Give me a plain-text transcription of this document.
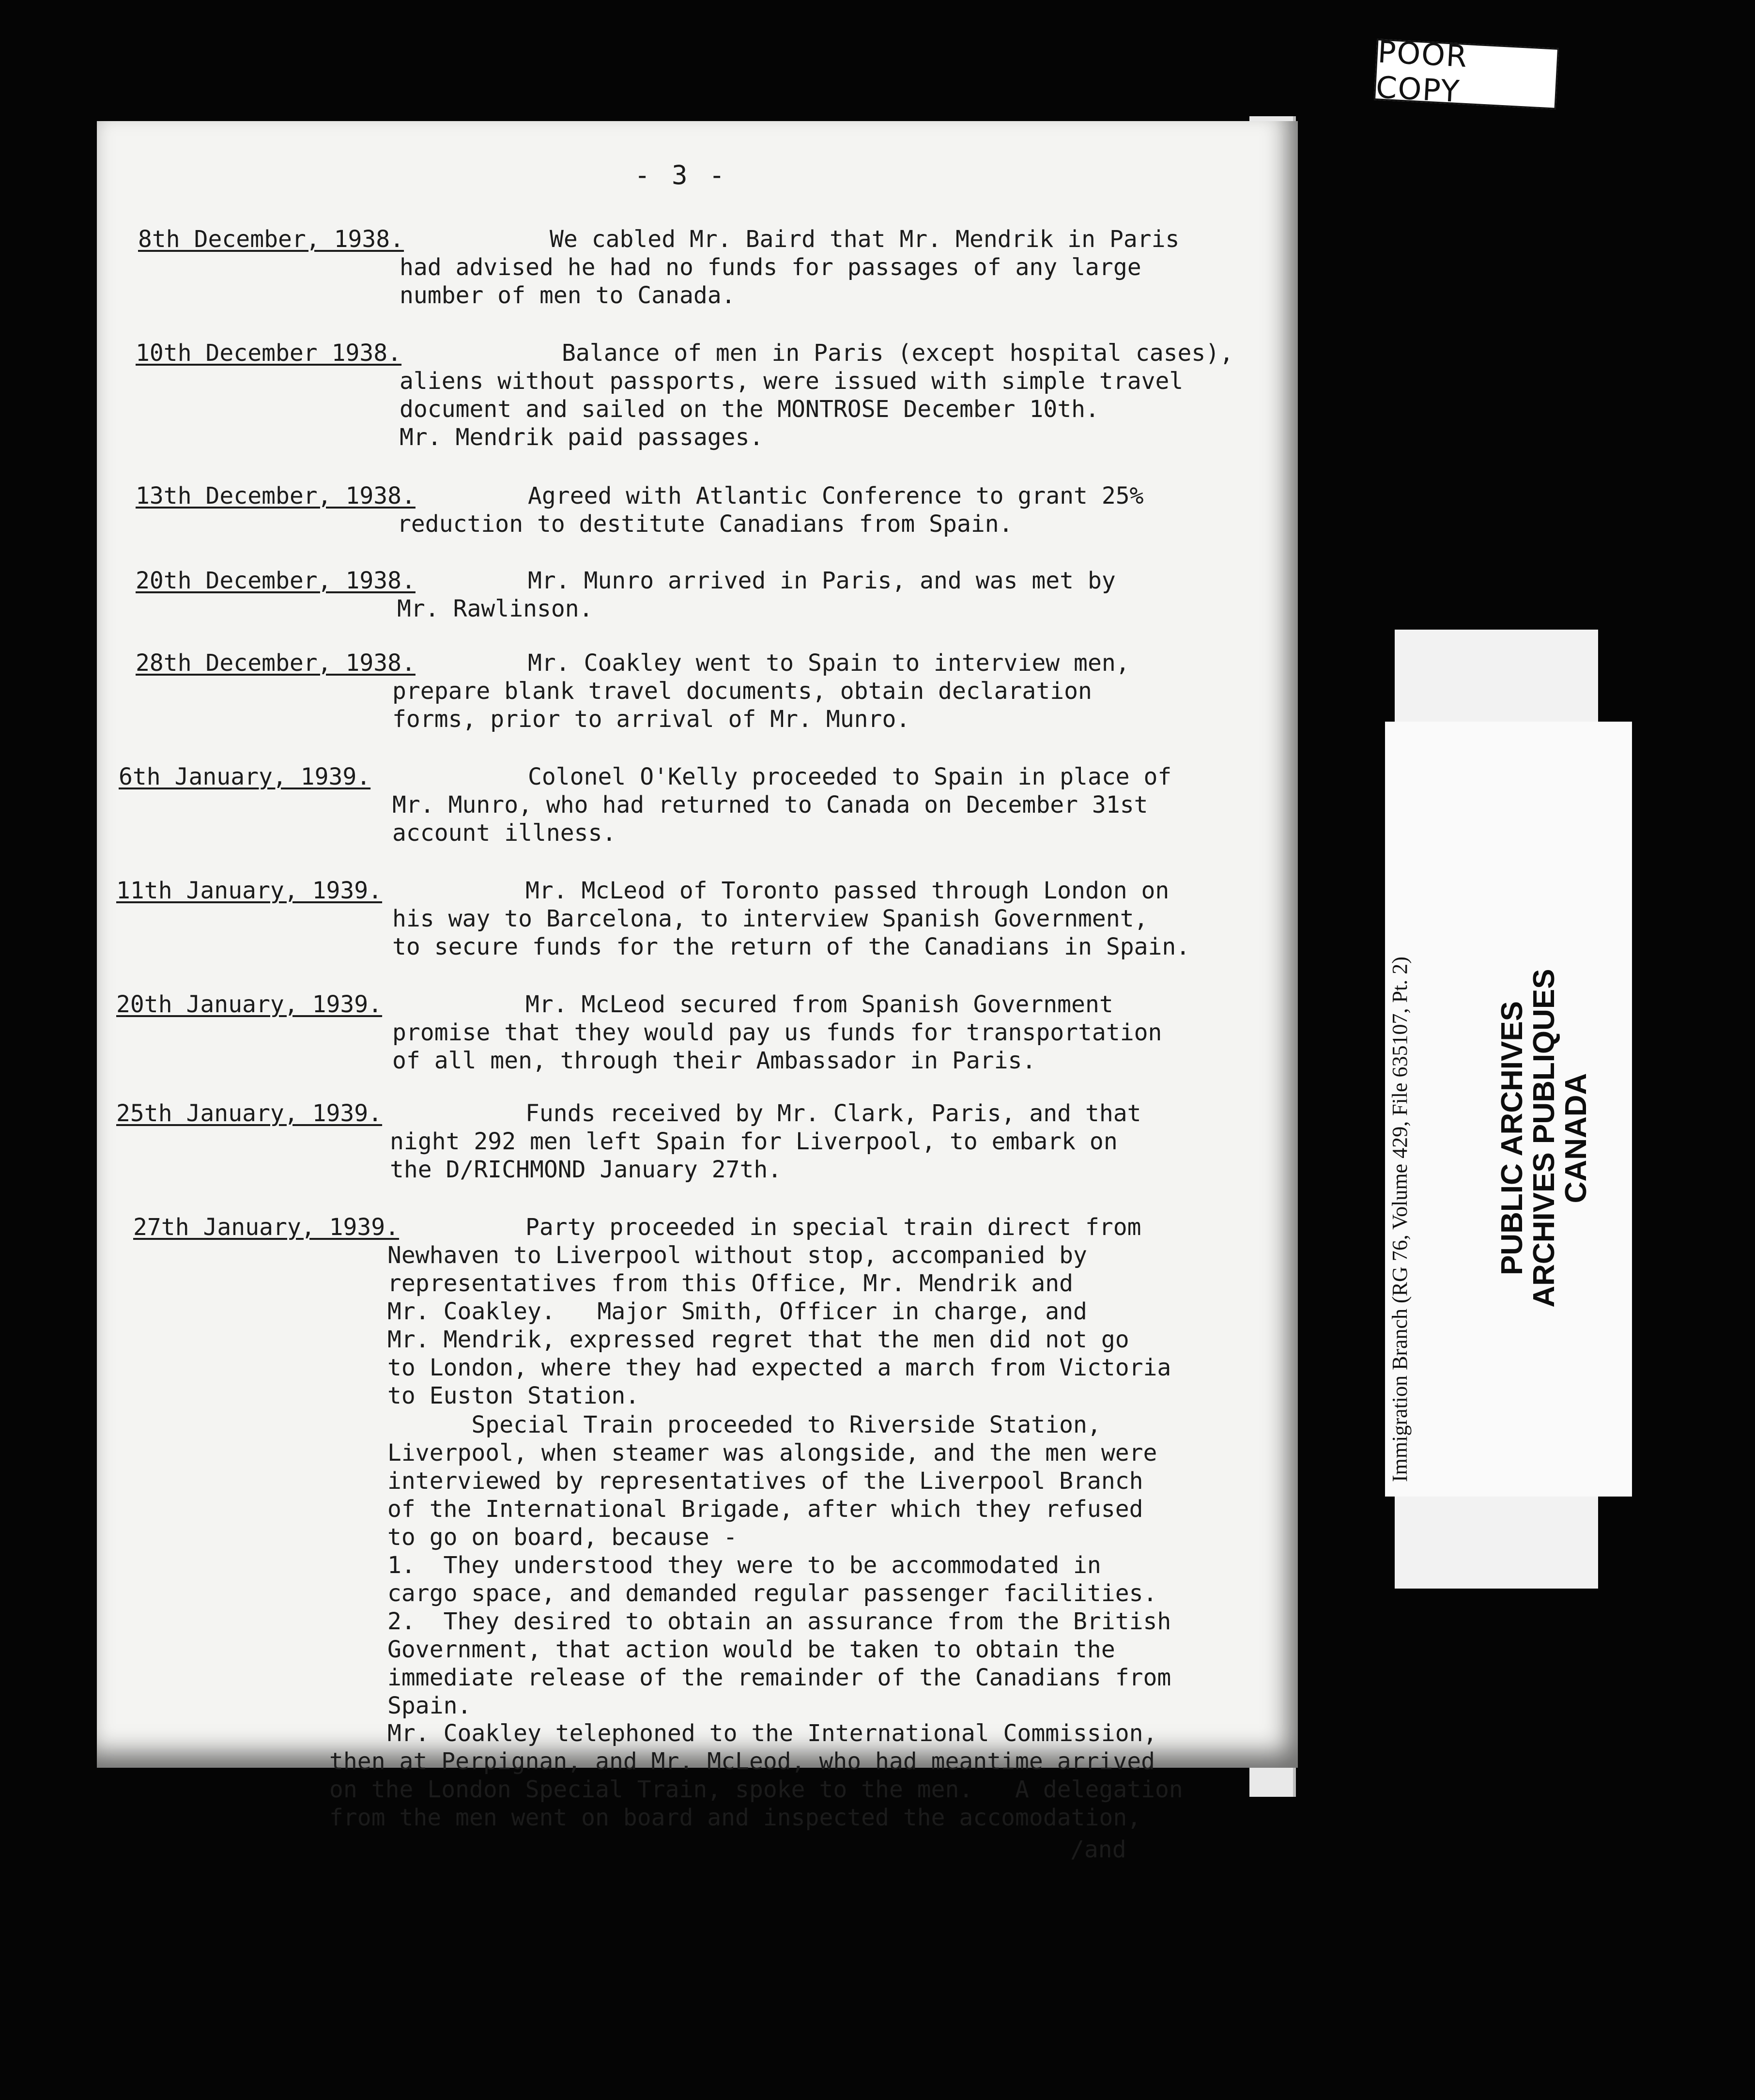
POOR COPY
- 3 -

8th December, 1938.

	We cabled Mr. Baird that Mr. Mendrik in Paris

had advised he had no funds for passages of any large

number of men to Canada.

10th December 1938.

	Balance of men in Paris (except hospital cases),

aliens without passports, were issued with simple travel

document and sailed on the MONTROSE December 10th.

Mr. Mendrik paid passages.

13th December, 1938.

	Agreed with Atlantic Conference to grant 25%

reduction to destitute Canadians from Spain.

20th December, 1938.

	Mr. Munro arrived in Paris, and was met by

Mr. Rawlinson.

28th December, 1938.

	Mr. Coakley went to Spain to interview men,

prepare blank travel documents, obtain declaration

forms, prior to arrival of Mr. Munro.

6th January, 1939.

	Colonel O'Kelly proceeded to Spain in place of

Mr. Munro, who had returned to Canada on December 31st

account illness.

11th January, 1939.

	Mr. McLeod of Toronto passed through London on

his way to Barcelona, to interview Spanish Government,

to secure funds for the return of the Canadians in Spain.

20th January, 1939.

	Mr. McLeod secured from Spanish Government

promise that they would pay us funds for transportation

of all men, through their Ambassador in Paris.

25th January, 1939.

	Funds received by Mr. Clark, Paris, and that

night 292 men left Spain for Liverpool, to embark on

the D/RICHMOND January 27th.

27th January, 1939.

	Party proceeded in special train direct from

Newhaven to Liverpool without stop, accompanied by

representatives from this Office, Mr. Mendrik and

Mr. Coakley.   Major Smith, Officer in charge, and

Mr. Mendrik, expressed regret that the men did not go

to London, where they had expected a march from Victoria

to Euston Station.

Special Train proceeded to Riverside Station,

Liverpool, when steamer was alongside, and the men were

interviewed by representatives of the Liverpool Branch

of the International Brigade, after which they refused

to go on board, because -

1.  They understood they were to be accommodated in

cargo space, and demanded regular passenger facilities.

2.  They desired to obtain an assurance from the British

Government, that action would be taken to obtain the

immediate release of the remainder of the Canadians from

Spain.

Mr. Coakley telephoned to the International Commission,

then at Perpignan, and Mr. McLeod, who had meantime arrived

on the London Special Train, spoke to the men.   A delegation

from the men went on board and inspected the accomodation,

/and
Immigration Branch (RG 76, Volume 429, File 635107, Pt. 2)	PUBLIC ARCHIVES
ARCHIVES PUBLIQUES
CANADA
